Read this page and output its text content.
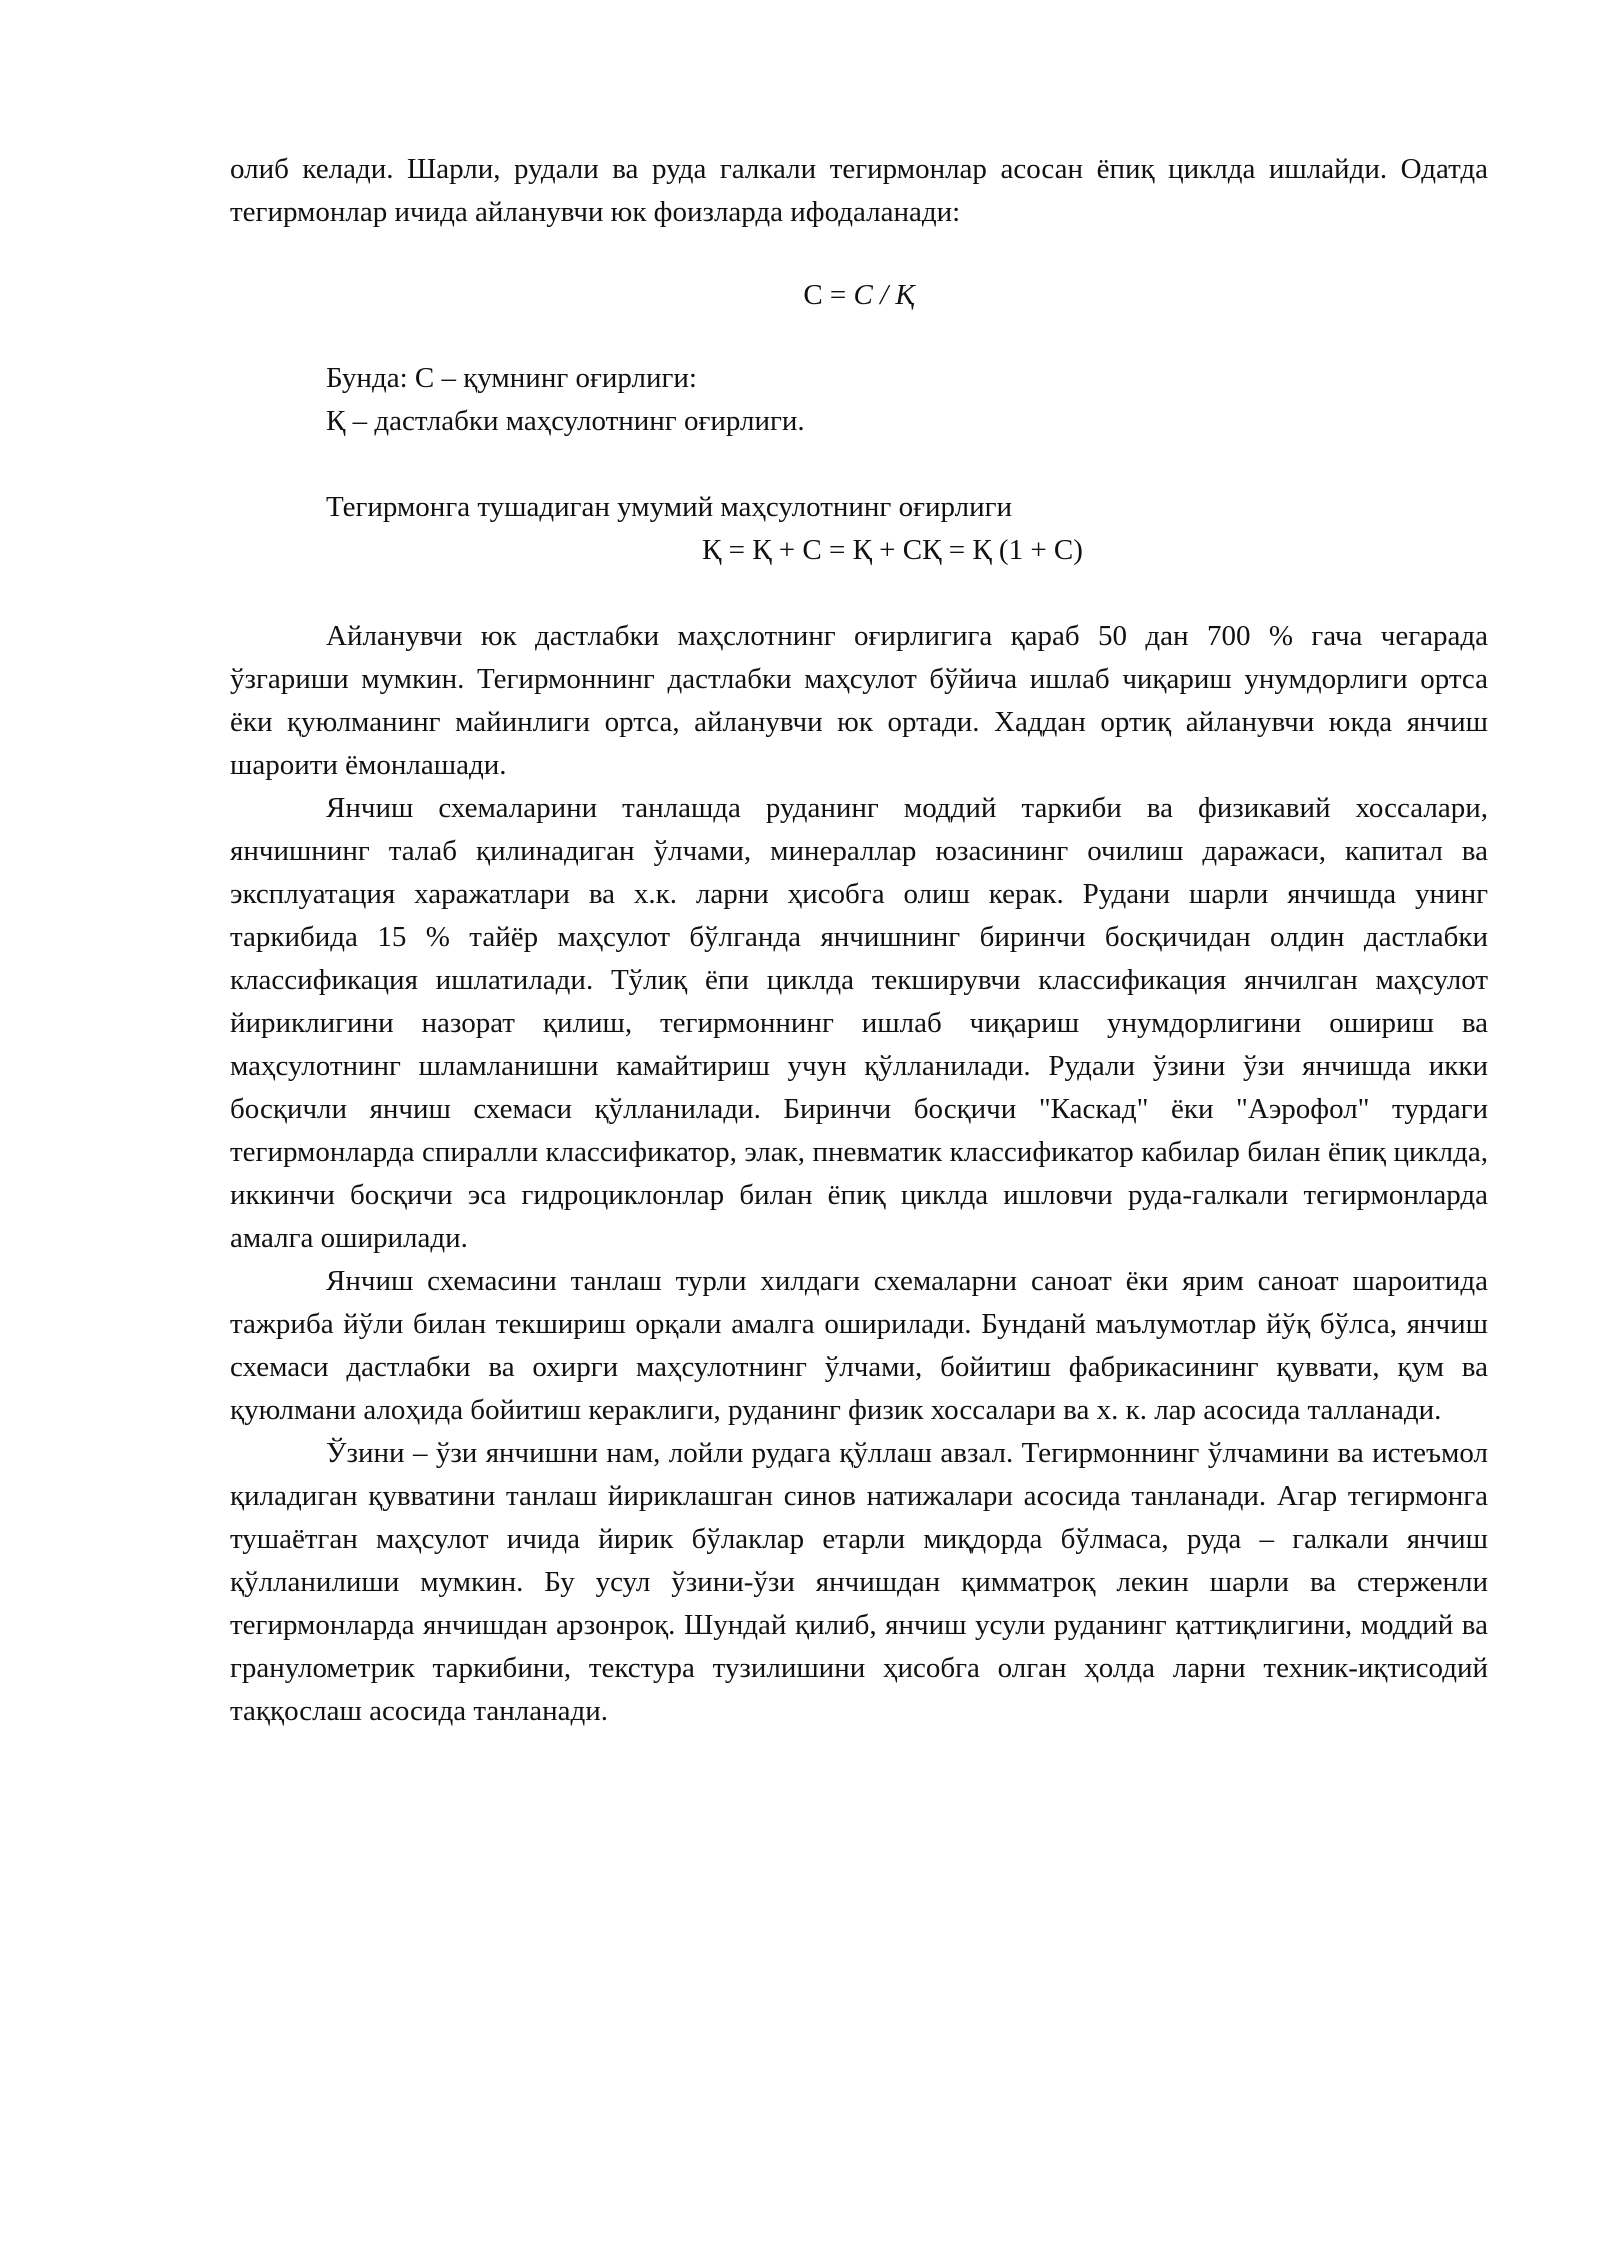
олиб келади. Шарли, рудали ва руда галкали тегирмонлар асосан ёпиқ циклда ишлайди. Одатда тегирмонлар ичида айланувчи юк фоизларда ифодаланади:

С = C / Қ

Бунда: С – қумнинг оғирлиги:

Қ – дастлабки маҳсулотнинг оғирлиги.

Тегирмонга тушадиган умумий маҳсулотнинг оғирлиги

Қ = Қ + С = Қ + СҚ = Қ (1 + С)

Айланувчи юк дастлабки маҳслотнинг оғирлигига қараб 50 дан 700 % гача чегарада ўзгариши мумкин. Тегирмоннинг дастлабки маҳсулот бўйича ишлаб чиқариш унумдорлиги ортса ёки қуюлманинг майинлиги ортса, айланувчи юк ортади. Хаддан ортиқ айланувчи юкда янчиш шароити ёмонлашади.

Янчиш схемаларини танлашда руданинг моддий таркиби ва физикавий хоссалари, янчишнинг талаб қилинадиган ўлчами, минераллар юзасининг очилиш даражаси, капитал ва эксплуатация харажатлари ва х.к. ларни ҳисобга олиш керак. Рудани шарли янчишда унинг таркибида 15 % тайёр маҳсулот бўлганда янчишнинг биринчи босқичидан олдин дастлабки классификация ишлатилади. Тўлиқ ёпи циклда текширувчи классификация янчилган маҳсулот йириклигини назорат қилиш, тегирмоннинг ишлаб чиқариш унумдорлигини ошириш ва маҳсулотнинг шламланишни камайтириш учун қўлланилади. Рудали ўзини ўзи янчишда икки босқичли янчиш схемаси қўлланилади. Биринчи босқичи "Каскад" ёки "Аэрофол" турдаги тегирмонларда спиралли классификатор, элак, пневматик классификатор кабилар билан ёпиқ циклда, иккинчи босқичи эса гидроциклонлар билан ёпиқ циклда ишловчи руда-галкали тегирмонларда амалга оширилади.

Янчиш схемасини танлаш турли хилдаги схемаларни саноат ёки ярим саноат шароитида тажриба йўли билан текшириш орқали амалга оширилади. Бунданй маълумотлар йўқ бўлса, янчиш схемаси дастлабки ва охирги маҳсулотнинг ўлчами, бойитиш фабрикасининг қуввати, қум ва қуюлмани алоҳида бойитиш кераклиги, руданинг физик хоссалари ва х. к. лар асосида талланади.

Ўзини – ўзи янчишни нам, лойли рудага қўллаш авзал. Тегирмоннинг ўлчамини ва истеъмол қиладиган қувватини танлаш йириклашган синов натижалари асосида танланади. Агар тегирмонга тушаётган маҳсулот ичида йирик бўлаклар етарли миқдорда бўлмаса, руда – галкали янчиш қўлланилиши мумкин. Бу усул ўзини-ўзи янчишдан қимматроқ лекин шарли ва стерженли тегирмонларда янчишдан арзонроқ. Шундай қилиб, янчиш усули руданинг қаттиқлигини, моддий ва гранулометрик таркибини, текстура тузилишини ҳисобга олган ҳолда ларни техник-иқтисодий таққослаш асосида танланади.
